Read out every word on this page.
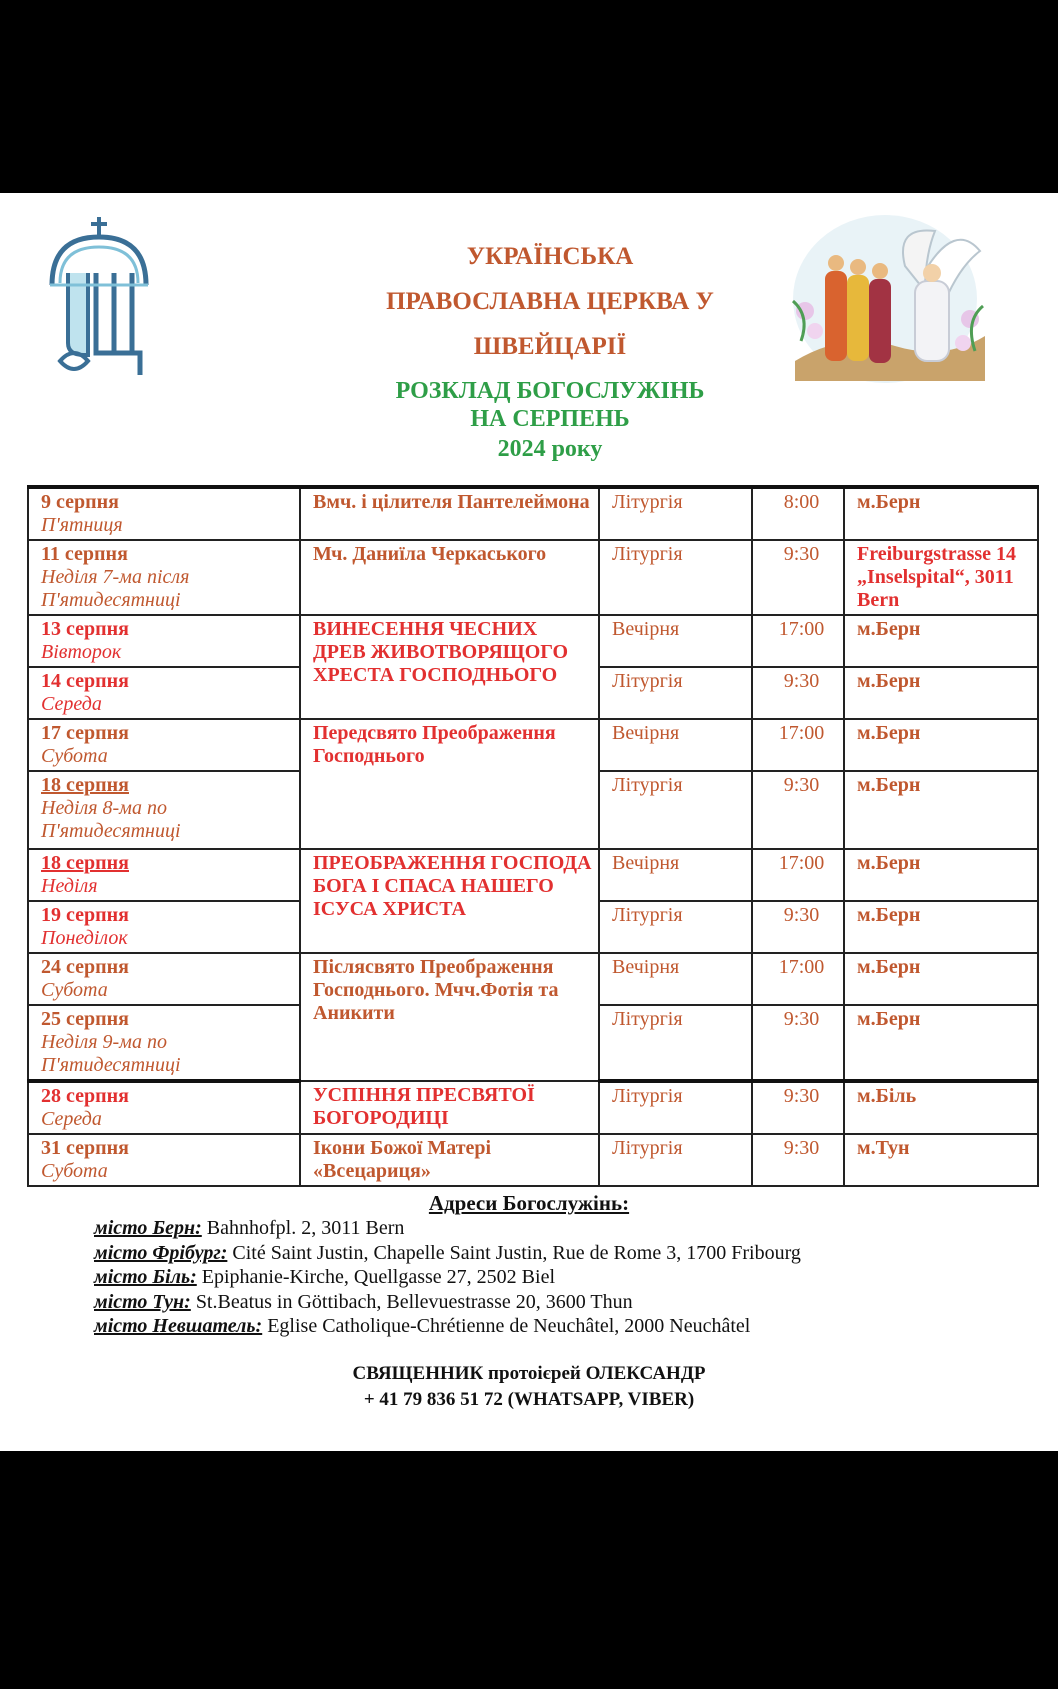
УКРАЇНСЬКА
ПРАВОСЛАВНА ЦЕРКВА У
ШВЕЙЦАРІЇ
РОЗКЛАД БОГОСЛУЖІНЬ
НА СЕРПЕНЬ
2024 року
9 серпня
П'ятниця	Вмч. і цілителя Пантелеймона	Літургія	8:00	м.Берн

11 серпня
Неділя 7-ма після П'ятидесятниці	Мч. Даниїла Черкаського	Літургія	9:30	Freiburgstrasse 14 „Inselspital“, 3011 Bern

13 серпня
Вівторок	ВИНЕСЕННЯ ЧЕСНИХ ДРЕВ ЖИВОТВОРЯЩОГО ХРЕСТА ГОСПОДНЬОГО	Вечірня	17:00	м.Берн

14 серпня
Середа		Літургія	9:30	м.Берн

17 серпня
Субота	Передсвято Преображення Господнього	Вечірня	17:00	м.Берн

18 серпня
Неділя 8-ма по П'ятидесятниці		Літургія	9:30	м.Берн

18 серпня
Неділя	ПРЕОБРАЖЕННЯ ГОСПОДА БОГА І СПАСА НАШЕГО ІСУСА ХРИСТА	Вечірня	17:00	м.Берн

19 серпня
Понеділок		Літургія	9:30	м.Берн

24 серпня
Субота	Післясвято Преображення Господнього. Мчч.Фотія та Аникити	Вечірня	17:00	м.Берн

25 серпня
Неділя 9-ма по П'ятидесятниці		Літургія	9:30	м.Берн

28 серпня
Середа	УСПІННЯ ПРЕСВЯТОЇ БОГОРОДИЦІ	Літургія	9:30	м.Біль

31 серпня
Субота	Ікони Божої Матері «Всецариця»	Літургія	9:30	м.Тун
Адреси Богослужінь:
місто Берн: Bahnhofpl. 2, 3011 Bern
місто Фрібург: Cité Saint Justin, Chapelle Saint Justin, Rue de Rome 3, 1700 Fribourg
місто Біль: Epiphanie-Kirche, Quellgasse 27, 2502 Biel
місто Тун: St.Beatus in Göttibach, Bellevuestrasse 20, 3600 Thun
місто Невшатель: Eglise Catholique-Chrétienne de Neuchâtel, 2000 Neuchâtel
СВЯЩЕННИК протоієрей ОЛЕКСАНДР
+ 41 79 836 51 72 (WHATSAPP, VIBER)
